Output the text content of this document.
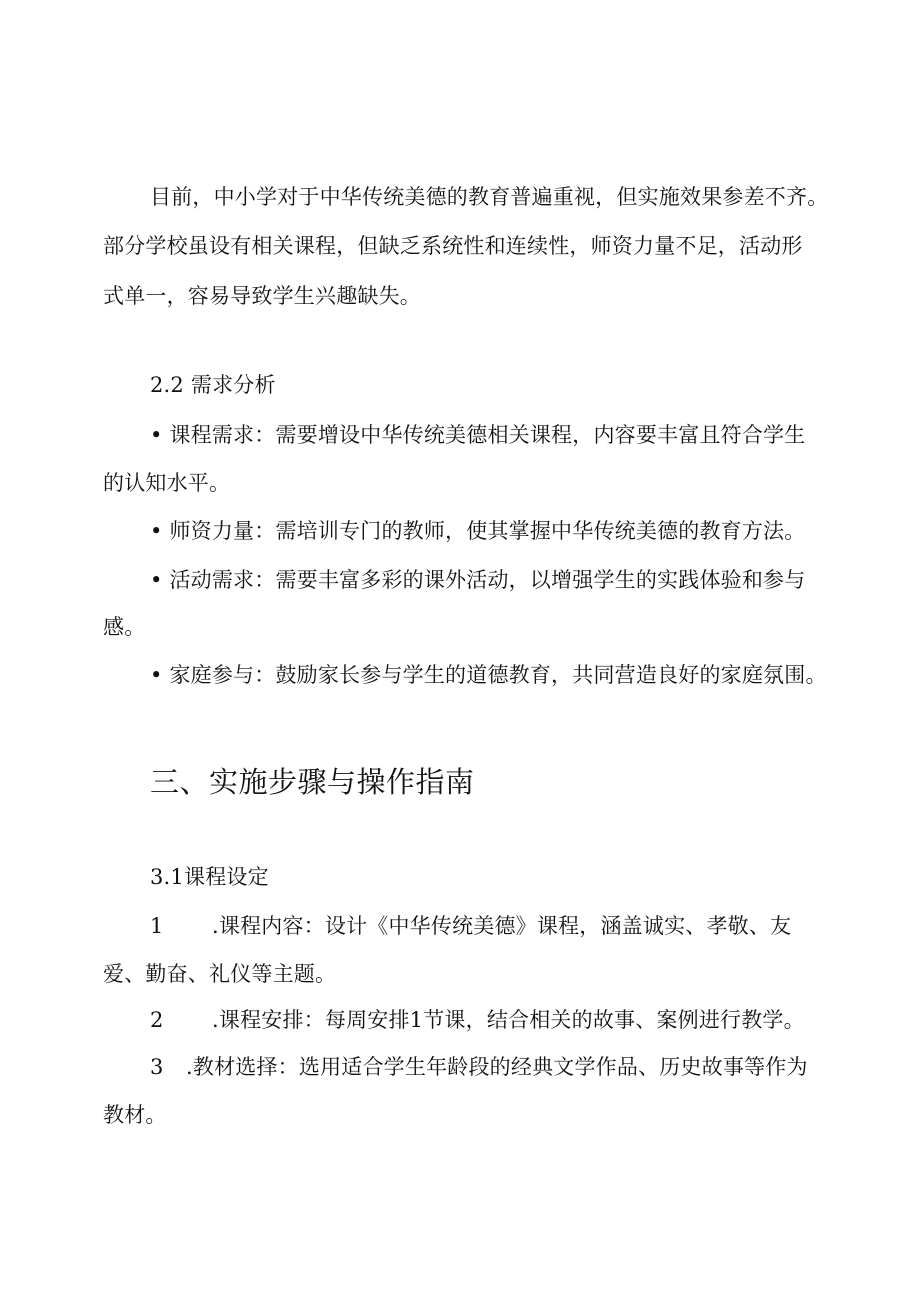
目前，中小学对于中华传统美德的教育普遍重视，但实施效果参差不齐。
部分学校虽设有相关课程，但缺乏系统性和连续性，师资力量不足，活动形
式单一，容易导致学生兴趣缺失。
2.2 需求分析
• 课程需求：需要增设中华传统美德相关课程，内容要丰富且符合学生
的认知水平。
• 师资力量：需培训专门的教师，使其掌握中华传统美德的教育方法。
• 活动需求：需要丰富多彩的课外活动，以增强学生的实践体验和参与
感。
• 家庭参与：鼓励家长参与学生的道德教育，共同营造良好的家庭氛围。
三、实施步骤与操作指南
3.1课程设定
1 .课程内容：设计《中华传统美德》课程，涵盖诚实、孝敬、友
爱、勤奋、礼仪等主题。
2 .课程安排：每周安排1节课，结合相关的故事、案例进行教学。
3 .教材选择：选用适合学生年龄段的经典文学作品、历史故事等作为
教材。
